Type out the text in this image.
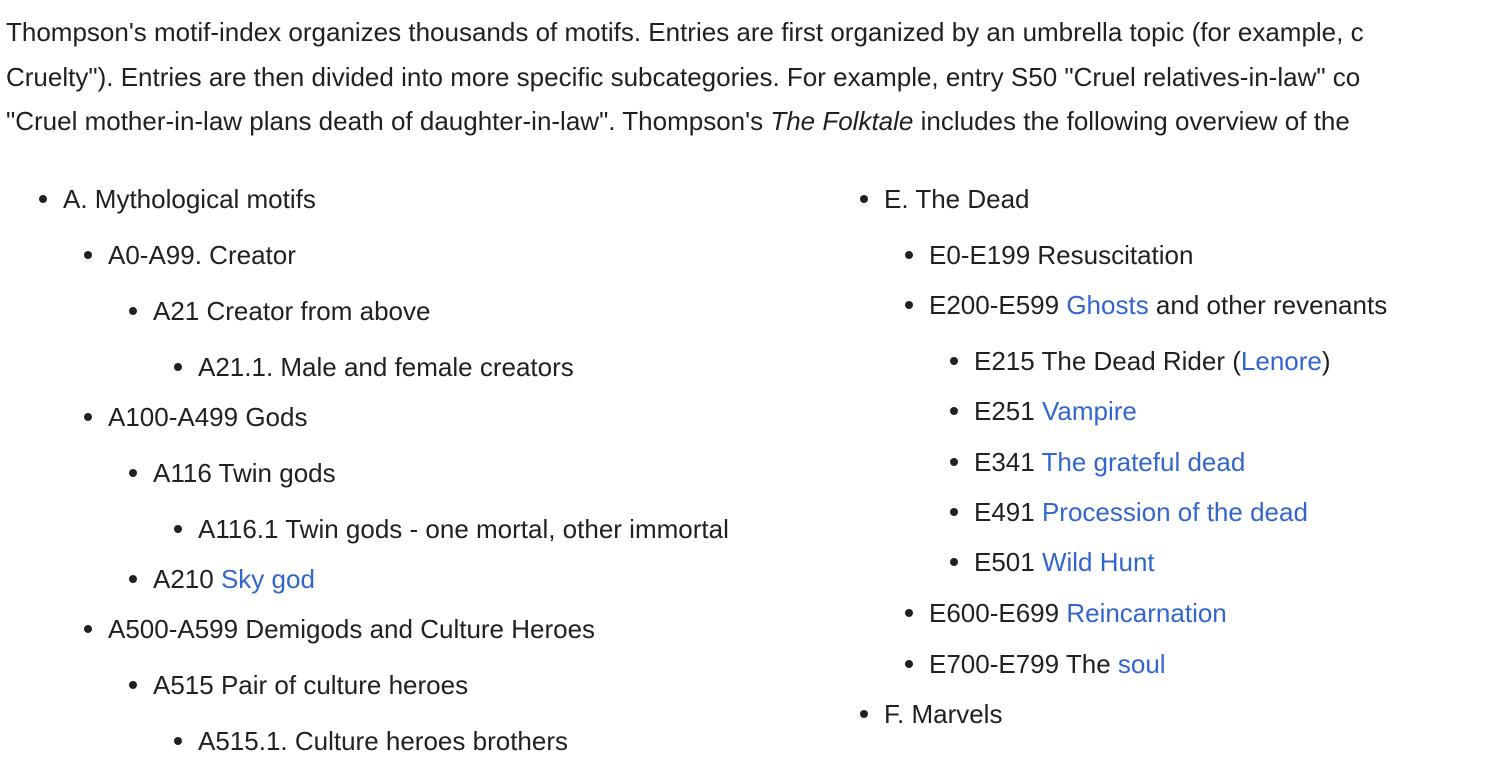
Thompson's motif-index organizes thousands of motifs. Entries are first organized by an umbrella topic (for example, c
Cruelty"). Entries are then divided into more specific subcategories. For example, entry S50 "Cruel relatives-in-law" co
"Cruel mother-in-law plans death of daughter-in-law". Thompson's The Folktale includes the following overview of the
A. Mythological motifs
A0-A99. Creator
A21 Creator from above
A21.1. Male and female creators
A100-A499 Gods
A116 Twin gods
A116.1 Twin gods - one mortal, other immortal
A210 Sky god
A500-A599 Demigods and Culture Heroes
A515 Pair of culture heroes
A515.1. Culture heroes brothers
E. The Dead
E0-E199 Resuscitation
E200-E599 Ghosts and other revenants
E215 The Dead Rider (Lenore)
E251 Vampire
E341 The grateful dead
E491 Procession of the dead
E501 Wild Hunt
E600-E699 Reincarnation
E700-E799 The soul
F. Marvels
